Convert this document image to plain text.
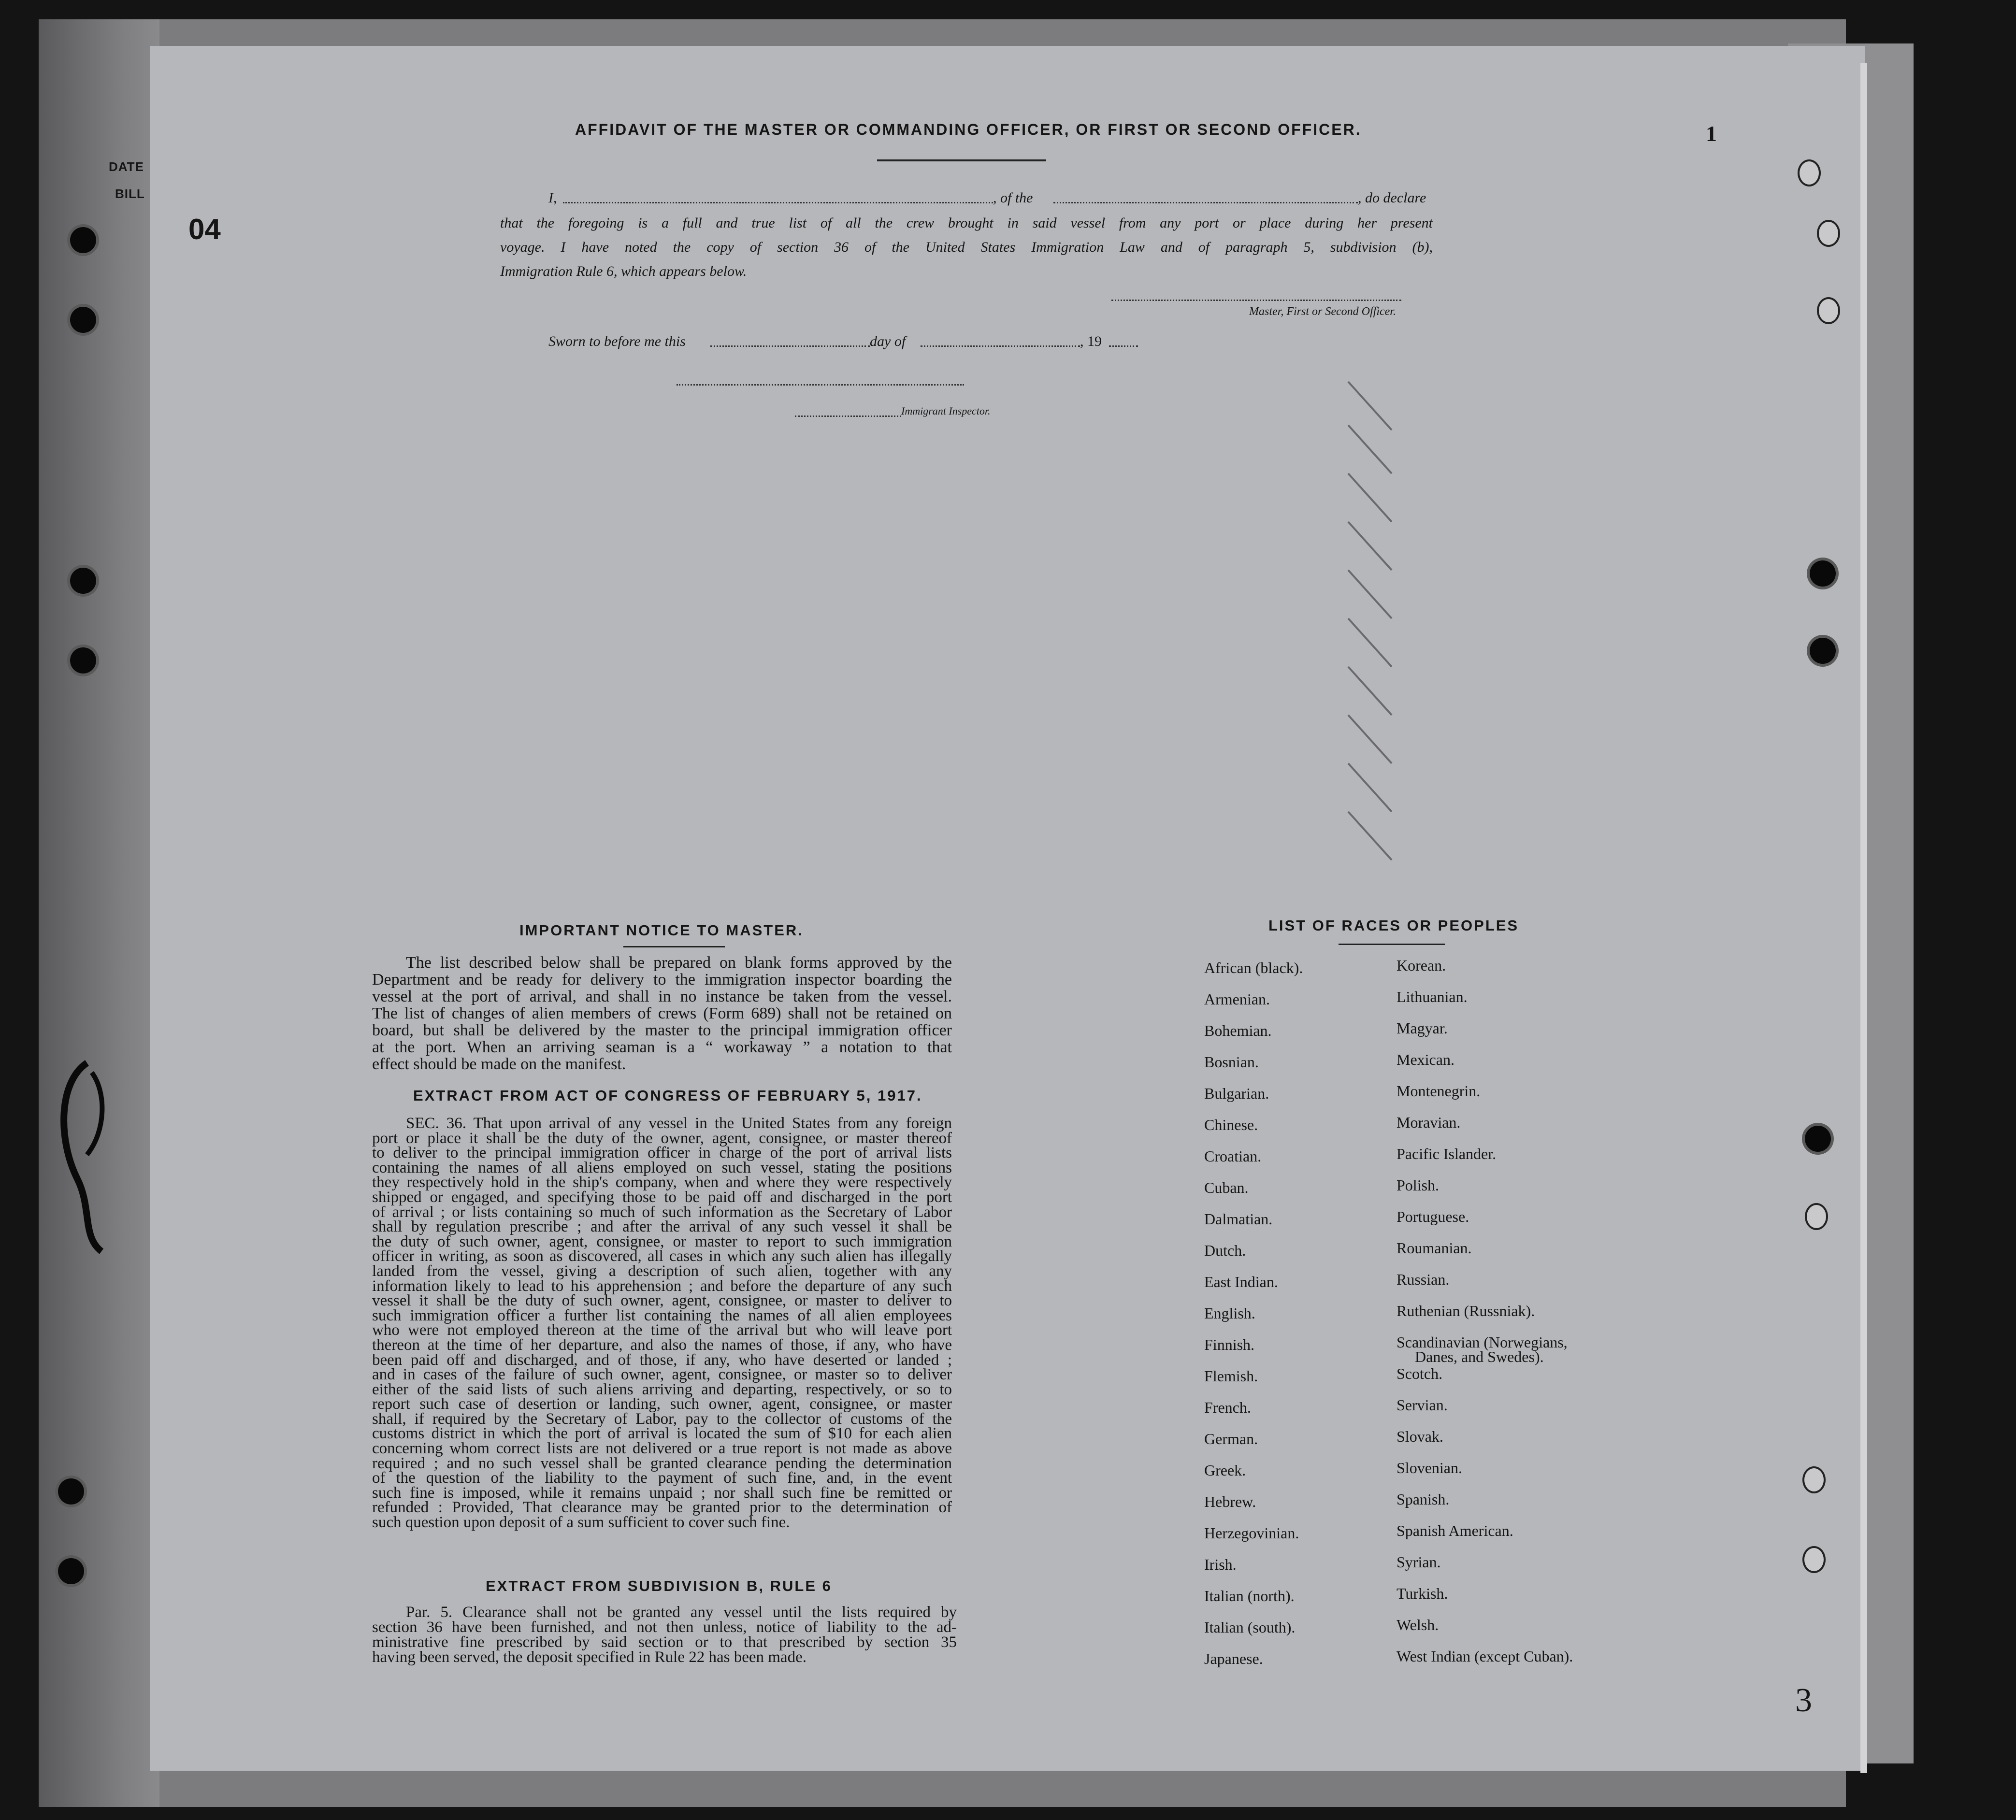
DATE
BILL
04
1
3
AFFIDAVIT OF THE MASTER OR COMMANDING OFFICER, OR FIRST OR SECOND OFFICER.
I,	, of the	, do declare
that the foregoing is a full and true list of all the crew brought in said vessel from any port or place during her present
voyage. I have noted the copy of section 36 of the United States Immigration Law and of paragraph 5, subdivision (b),
Immigration Rule 6, which appears below.
Master, First or Second Officer.
Sworn to before me this	day of	, 19
Immigrant Inspector.
IMPORTANT NOTICE TO MASTER.
The list described below shall be prepared on blank forms approved by the
Department and be ready for delivery to the immigration inspector boarding the
vessel at the port of arrival, and shall in no instance be taken from the vessel.
The list of changes of alien members of crews (Form 689) shall not be retained on
board, but shall be delivered by the master to the principal immigration officer
at the port. When an arriving seaman is a “ workaway ” a notation to that
effect should be made on the manifest.
EXTRACT FROM ACT OF CONGRESS OF FEBRUARY 5, 1917.
SEC. 36. That upon arrival of any vessel in the United States from any foreign
port or place it shall be the duty of the owner, agent, consignee, or master thereof
to deliver to the principal immigration officer in charge of the port of arrival lists
containing the names of all aliens employed on such vessel, stating the positions
they respectively hold in the ship's company, when and where they were respectively
shipped or engaged, and specifying those to be paid off and discharged in the port
of arrival ; or lists containing so much of such information as the Secretary of Labor
shall by regulation prescribe ; and after the arrival of any such vessel it shall be
the duty of such owner, agent, consignee, or master to report to such immigration
officer in writing, as soon as discovered, all cases in which any such alien has illegally
landed from the vessel, giving a description of such alien, together with any
information likely to lead to his apprehension ; and before the departure of any such
vessel it shall be the duty of such owner, agent, consignee, or master to deliver to
such immigration officer a further list containing the names of all alien employees
who were not employed thereon at the time of the arrival but who will leave port
thereon at the time of her departure, and also the names of those, if any, who have
been paid off and discharged, and of those, if any, who have deserted or landed ;
and in cases of the failure of such owner, agent, consignee, or master so to deliver
either of the said lists of such aliens arriving and departing, respectively, or so to
report such case of desertion or landing, such owner, agent, consignee, or master
shall, if required by the Secretary of Labor, pay to the collector of customs of the
customs district in which the port of arrival is located the sum of $10 for each alien
concerning whom correct lists are not delivered or a true report is not made as above
required ; and no such vessel shall be granted clearance pending the determination
of the question of the liability to the payment of such fine, and, in the event
such fine is imposed, while it remains unpaid ; nor shall such fine be remitted or
refunded : Provided, That clearance may be granted prior to the determination of
such question upon deposit of a sum sufficient to cover such fine.
EXTRACT FROM SUBDIVISION B, RULE 6
Par. 5. Clearance shall not be granted any vessel until the lists required by
section 36 have been furnished, and not then unless, notice of liability to the ad-
ministrative fine prescribed by said section or to that prescribed by section 35
having been served, the deposit specified in Rule 22 has been made.
LIST OF RACES OR PEOPLES
African (black).
Armenian.
Bohemian.
Bosnian.
Bulgarian.
Chinese.
Croatian.
Cuban.
Dalmatian.
Dutch.
East Indian.
English.
Finnish.
Flemish.
French.
German.
Greek.
Hebrew.
Herzegovinian.
Irish.
Italian (north).
Italian (south).
Japanese.
Korean.
Lithuanian.
Magyar.
Mexican.
Montenegrin.
Moravian.
Pacific Islander.
Polish.
Portuguese.
Roumanian.
Russian.
Ruthenian (Russniak).
Scandinavian (Norwegians,
Danes, and Swedes).
Scotch.
Servian.
Slovak.
Slovenian.
Spanish.
Spanish American.
Syrian.
Turkish.
Welsh.
West Indian (except Cuban).
